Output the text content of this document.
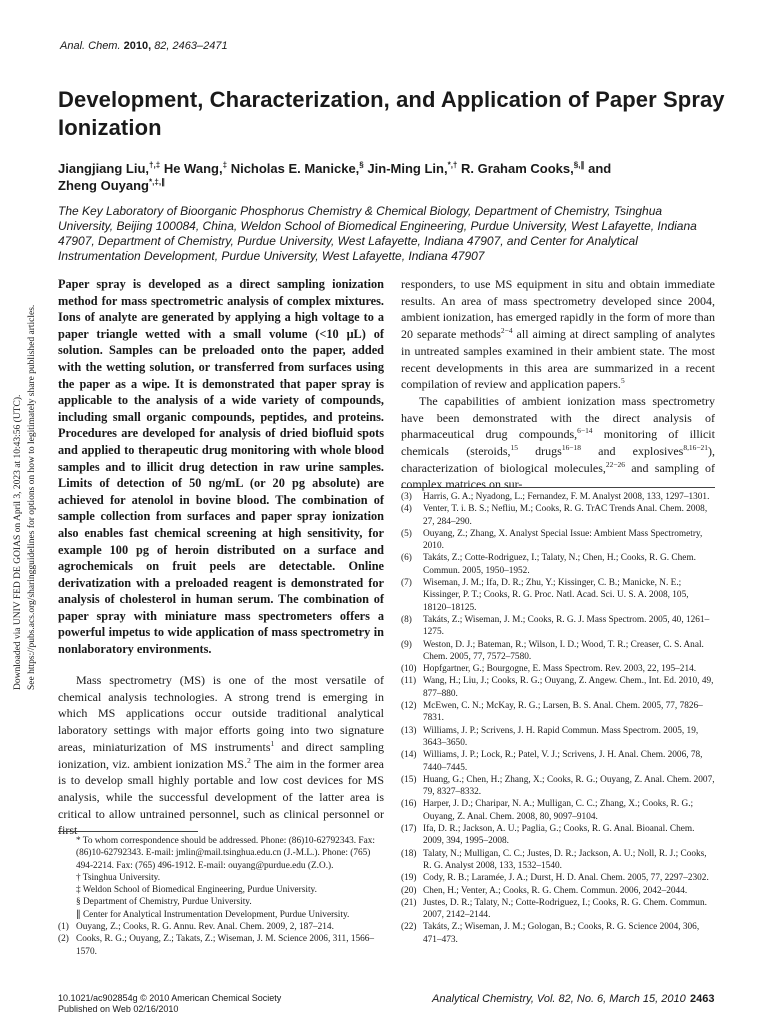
Anal. Chem. 2010, 82, 2463–2471
Development, Characterization, and Application of Paper Spray Ionization
Jiangjiang Liu,†,‡ He Wang,‡ Nicholas E. Manicke,§ Jin-Ming Lin,*,† R. Graham Cooks,§,∥ and
Zheng Ouyang*,‡,∥
The Key Laboratory of Bioorganic Phosphorus Chemistry & Chemical Biology, Department of Chemistry, Tsinghua University, Beijing 100084, China, Weldon School of Biomedical Engineering, Purdue University, West Lafayette, Indiana 47907, Department of Chemistry, Purdue University, West Lafayette, Indiana 47907, and Center for Analytical Instrumentation Development, Purdue University, West Lafayette, Indiana 47907
Paper spray is developed as a direct sampling ionization method for mass spectrometric analysis of complex mixtures. Ions of analyte are generated by applying a high voltage to a paper triangle wetted with a small volume (<10 μL) of solution. Samples can be preloaded onto the paper, added with the wetting solution, or transferred from surfaces using the paper as a wipe. It is demonstrated that paper spray is applicable to the analysis of a wide variety of compounds, including small organic compounds, peptides, and proteins. Procedures are developed for analysis of dried biofluid spots and applied to therapeutic drug monitoring with whole blood samples and to illicit drug detection in raw urine samples. Limits of detection of 50 ng/mL (or 20 pg absolute) are achieved for atenolol in bovine blood. The combination of sample collection from surfaces and paper spray ionization also enables fast chemical screening at high sensitivity, for example 100 pg of heroin distributed on a surface and agrochemicals on fruit peels are detectable. Online derivatization with a preloaded reagent is demonstrated for analysis of cholesterol in human serum. The combination of paper spray with miniature mass spectrometers offers a powerful impetus to wide application of mass spectrometry in nonlaboratory environments.
Mass spectrometry (MS) is one of the most versatile of chemical analysis technologies. A strong trend is emerging in which MS applications occur outside traditional analytical laboratory settings with major efforts going into two signature areas, miniaturization of MS instruments$^1$ and direct sampling ionization, viz. ambient ionization MS.$^2$ The aim in the former area is to develop small highly portable and low cost devices for MS analysis, while the successful development of the latter area is critical to allow untrained personnel, such as clinical personnel or first

* To whom correspondence should be addressed. Phone: (86)10-62792343. Fax: (86)10-62792343. E-mail: jmlin@mail.tsinghua.edu.cn (J.-M.L.). Phone: (765) 494-2214. Fax: (765) 496-1912. E-mail: ouyang@purdue.edu (Z.O.).

† Tsinghua University.

‡ Weldon School of Biomedical Engineering, Purdue University.

§ Department of Chemistry, Purdue University.

∥ Center for Analytical Instrumentation Development, Purdue University.

(1) Ouyang, Z.; Cooks, R. G. Annu. Rev. Anal. Chem. 2009, 2, 187–214.
(2) Cooks, R. G.; Ouyang, Z.; Takats, Z.; Wiseman, J. M. Science 2006, 311, 1566–1570.

responders, to use MS equipment in situ and obtain immediate results. An area of mass spectrometry developed since 2004, ambient ionization, has emerged rapidly in the form of more than 20 separate methods$^{2-4}$ all aiming at direct sampling of analytes in untreated samples examined in their ambient state. The most recent developments in this area are summarized in a recent compilation of review and application papers.$^5$

The capabilities of ambient ionization mass spectrometry have been demonstrated with the direct analysis of pharmaceutical drug compounds,$^{6-14}$ monitoring of illicit chemicals (steroids,$^{15}$ drugs$^{16-18}$ and explosives$^{8,16-21}$), characterization of biological molecules,$^{22-26}$ and sampling of complex matrices on sur-

(3)	Harris, G. A.; Nyadong, L.; Fernandez, F. M. Analyst 2008, 133, 1297–1301.
(4)	Venter, T. i. B. S.; Nefliu, M.; Cooks, R. G. TrAC Trends Anal. Chem. 2008, 27, 284–290.
(5)	Ouyang, Z.; Zhang, X. Analyst Special Issue: Ambient Mass Spectrometry, 2010.
(6)	Takáts, Z.; Cotte-Rodriguez, I.; Talaty, N.; Chen, H.; Cooks, R. G. Chem. Commun. 2005, 1950–1952.
(7)	Wiseman, J. M.; Ifa, D. R.; Zhu, Y.; Kissinger, C. B.; Manicke, N. E.; Kissinger, P. T.; Cooks, R. G. Proc. Natl. Acad. Sci. U. S. A. 2008, 105, 18120–18125.
(8)	Takáts, Z.; Wiseman, J. M.; Cooks, R. G. J. Mass Spectrom. 2005, 40, 1261–1275.
(9)	Weston, D. J.; Bateman, R.; Wilson, I. D.; Wood, T. R.; Creaser, C. S. Anal. Chem. 2005, 77, 7572–7580.
(10) Hopfgartner, G.; Bourgogne, E. Mass Spectrom. Rev. 2003, 22, 195–214.
(11) Wang, H.; Liu, J.; Cooks, R. G.; Ouyang, Z. Angew. Chem., Int. Ed. 2010, 49, 877–880.
(12) McEwen, C. N.; McKay, R. G.; Larsen, B. S. Anal. Chem. 2005, 77, 7826–7831.
(13) Williams, J. P.; Scrivens, J. H. Rapid Commun. Mass Spectrom. 2005, 19, 3643–3650.
(14) Williams, J. P.; Lock, R.; Patel, V. J.; Scrivens, J. H. Anal. Chem. 2006, 78, 7440–7445.
(15) Huang, G.; Chen, H.; Zhang, X.; Cooks, R. G.; Ouyang, Z. Anal. Chem. 2007, 79, 8327–8332.
(16) Harper, J. D.; Charipar, N. A.; Mulligan, C. C.; Zhang, X.; Cooks, R. G.; Ouyang, Z. Anal. Chem. 2008, 80, 9097–9104.
(17) Ifa, D. R.; Jackson, A. U.; Paglia, G.; Cooks, R. G. Anal. Bioanal. Chem. 2009, 394, 1995–2008.
(18) Talaty, N.; Mulligan, C. C.; Justes, D. R.; Jackson, A. U.; Noll, R. J.; Cooks, R. G. Analyst 2008, 133, 1532–1540.
(19) Cody, R. B.; Laramée, J. A.; Durst, H. D. Anal. Chem. 2005, 77, 2297–2302.
(20) Chen, H.; Venter, A.; Cooks, R. G. Chem. Commun. 2006, 2042–2044.
(21) Justes, D. R.; Talaty, N.; Cotte-Rodriguez, I.; Cooks, R. G. Chem. Commun. 2007, 2142–2144.
(22) Takáts, Z.; Wiseman, J. M.; Gologan, B.; Cooks, R. G. Science 2004, 306, 471–473.
Downloaded via UNIV FED DE GOIAS on April 3, 2023 at 10:43:56 (UTC). See https://pubs.acs.org/sharingguidelines for options on how to legitimately share published articles.
10.1021/ac902854g © 2010 American Chemical Society
Published on Web 02/16/2010
Analytical Chemistry, Vol. 82, No. 6, March 15, 2010 2463
